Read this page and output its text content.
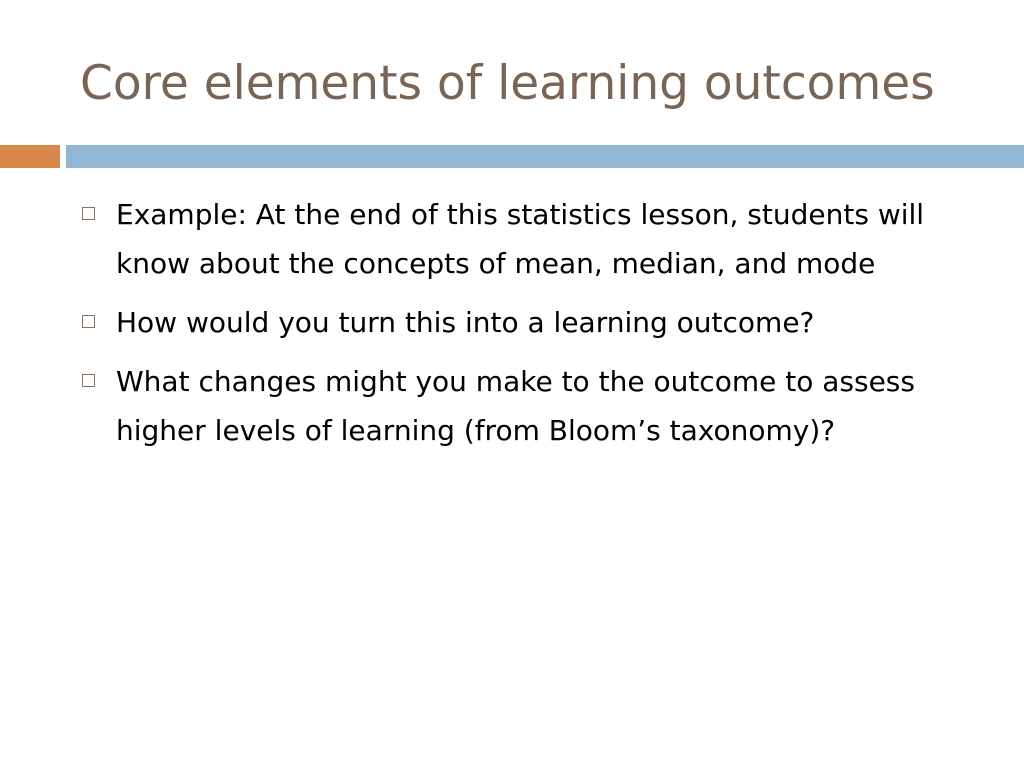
Core elements of learning outcomes
Example: At the end of this statistics lesson, students will know about the concepts of mean, median, and mode
How would you turn this into a learning outcome?
What changes might you make to the outcome to assess higher levels of learning (from Bloom’s taxonomy)?
